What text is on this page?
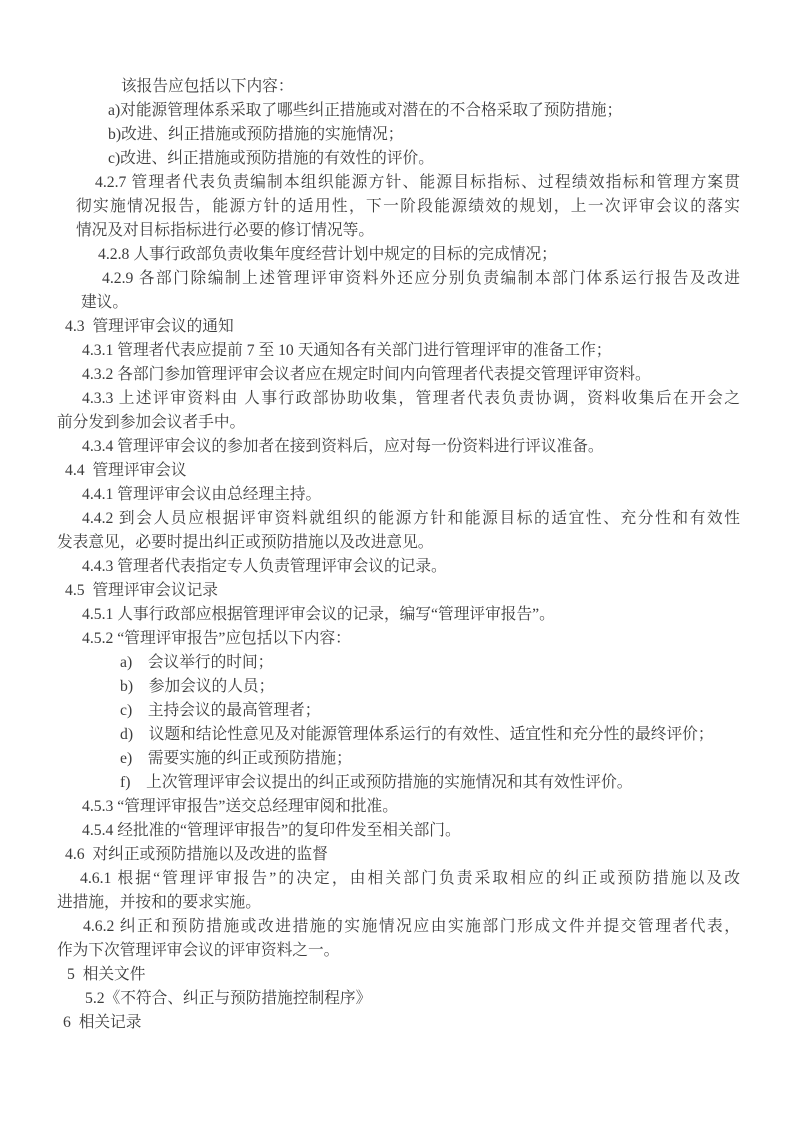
该报告应包括以下内容：
a)对能源管理体系采取了哪些纠正措施或对潜在的不合格采取了预防措施；
b)改进、纠正措施或预防措施的实施情况；
c)改进、纠正措施或预防措施的有效性的评价。
4.2.7 管理者代表负责编制本组织能源方针、能源目标指标、过程绩效指标和管理方案贯
彻实施情况报告，能源方针的适用性，下一阶段能源绩效的规划，上一次评审会议的落实
情况及对目标指标进行必要的修订情况等。
4.2.8 人事行政部负责收集年度经营计划中规定的目标的完成情况；
4.2.9 各部门除编制上述管理评审资料外还应分别负责编制本部门体系运行报告及改进
建议。
4.3  管理评审会议的通知
4.3.1 管理者代表应提前 7 至 10 天通知各有关部门进行管理评审的准备工作；
4.3.2 各部门参加管理评审会议者应在规定时间内向管理者代表提交管理评审资料。
4.3.3 上述评审资料由 人事行政部协助收集，管理者代表负责协调，资料收集后在开会之
前分发到参加会议者手中。
4.3.4 管理评审会议的参加者在接到资料后，应对每一份资料进行评议准备。
4.4  管理评审会议
4.4.1 管理评审会议由总经理主持。
4.4.2 到会人员应根据评审资料就组织的能源方针和能源目标的适宜性、充分性和有效性
发表意见，必要时提出纠正或预防措施以及改进意见。
4.4.3 管理者代表指定专人负责管理评审会议的记录。
4.5  管理评审会议记录
4.5.1 人事行政部应根据管理评审会议的记录，编写“管理评审报告”。
4.5.2 “管理评审报告”应包括以下内容：
a)　会议举行的时间；
b)　参加会议的人员；
c)　主持会议的最高管理者；
d)　议题和结论性意见及对能源管理体系运行的有效性、适宜性和充分性的最终评价；
e)　需要实施的纠正或预防措施；
f)　上次管理评审会议提出的纠正或预防措施的实施情况和其有效性评价。
4.5.3 “管理评审报告”送交总经理审阅和批准。
4.5.4 经批准的“管理评审报告”的复印件发至相关部门。
4.6  对纠正或预防措施以及改进的监督
4.6.1 根据“管理评审报告”的决定，由相关部门负责采取相应的纠正或预防措施以及改
进措施，并按和的要求实施。
4.6.2 纠正和预防措施或改进措施的实施情况应由实施部门形成文件并提交管理者代表，
作为下次管理评审会议的评审资料之一。
5  相关文件
5.2《不符合、纠正与预防措施控制程序》
6  相关记录
